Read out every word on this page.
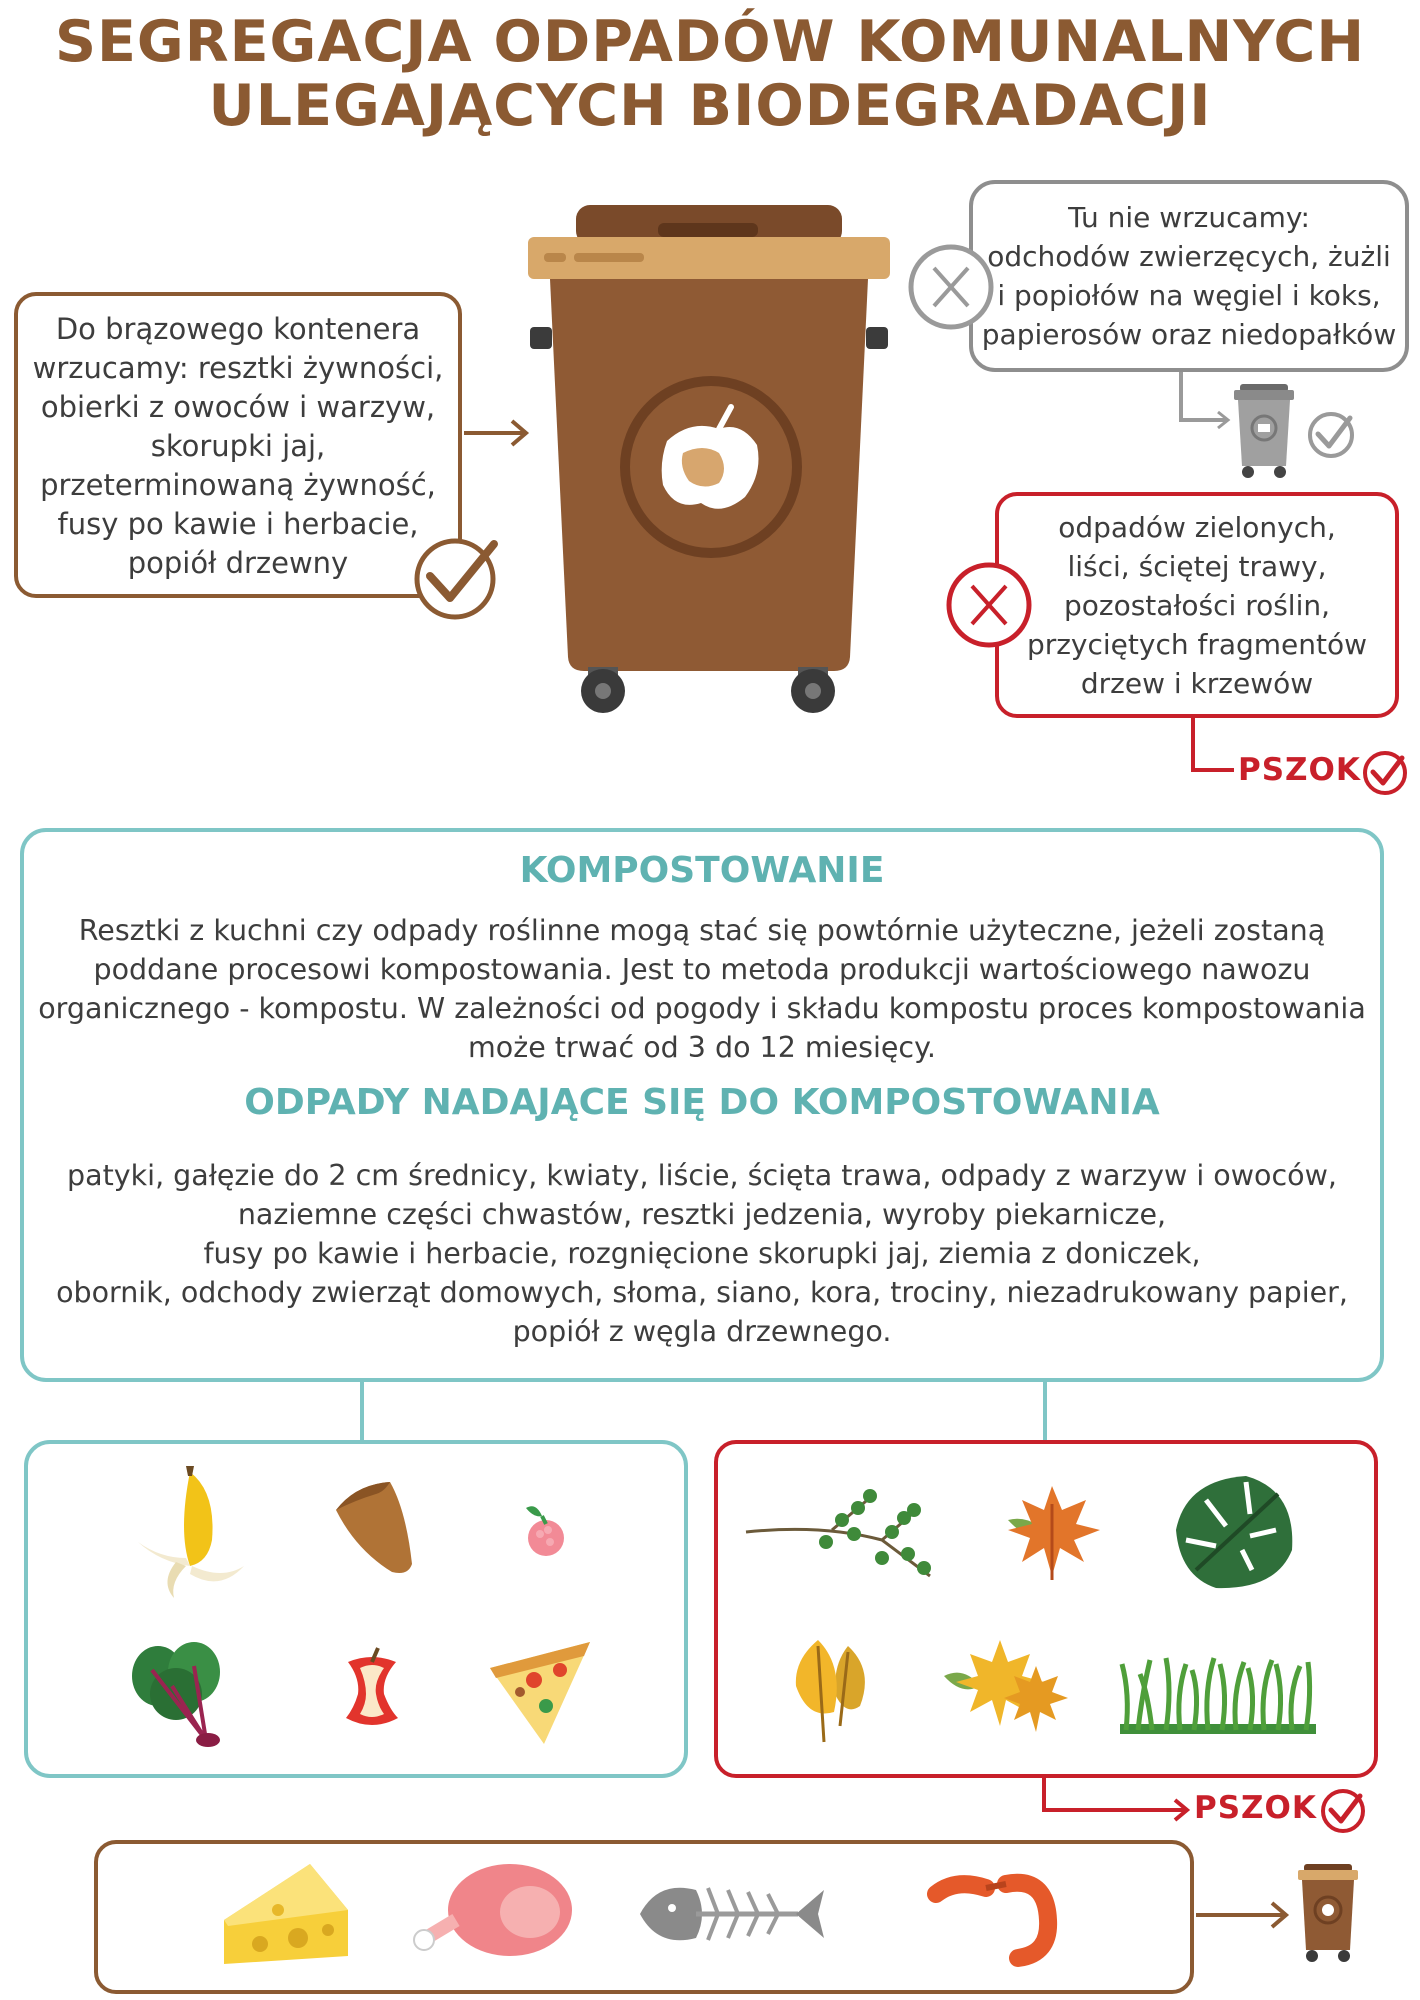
SEGREGACJA ODPADÓW KOMUNALNYCH
ULEGAJĄCYCH BIODEGRADACJI
Do brązowego kontenera
wrzucamy: resztki żywności,
obierki z owoców i warzyw,
skorupki jaj,
przeterminowaną żywność,
fusy po kawie i herbacie,
popiół drzewny
Tu nie wrzucamy:
odchodów zwierzęcych, żużli
i popiołów na węgiel i koks,
papierosów oraz niedopałków
odpadów zielonych,
liści, ściętej trawy,
pozostałości roślin,
przyciętych fragmentów
drzew i krzewów
PSZOK
KOMPOSTOWANIE
Resztki z kuchni czy odpady roślinne mogą stać się powtórnie użyteczne, jeżeli zostaną
poddane procesowi kompostowania. Jest to metoda produkcji wartościowego nawozu
organicznego - kompostu. W zależności od pogody i składu kompostu proces kompostowania
może trwać od 3 do 12 miesięcy.
ODPADY NADAJĄCE SIĘ DO KOMPOSTOWANIA
patyki, gałęzie do 2 cm średnicy, kwiaty, liście, ścięta trawa, odpady z warzyw i owoców,
naziemne części chwastów, resztki jedzenia, wyroby piekarnicze,
fusy po kawie i herbacie, rozgnięcione skorupki jaj, ziemia z doniczek,
obornik, odchody zwierząt domowych, słoma, siano, kora, trociny, niezadrukowany papier,
popiół z węgla drzewnego.
PSZOK
